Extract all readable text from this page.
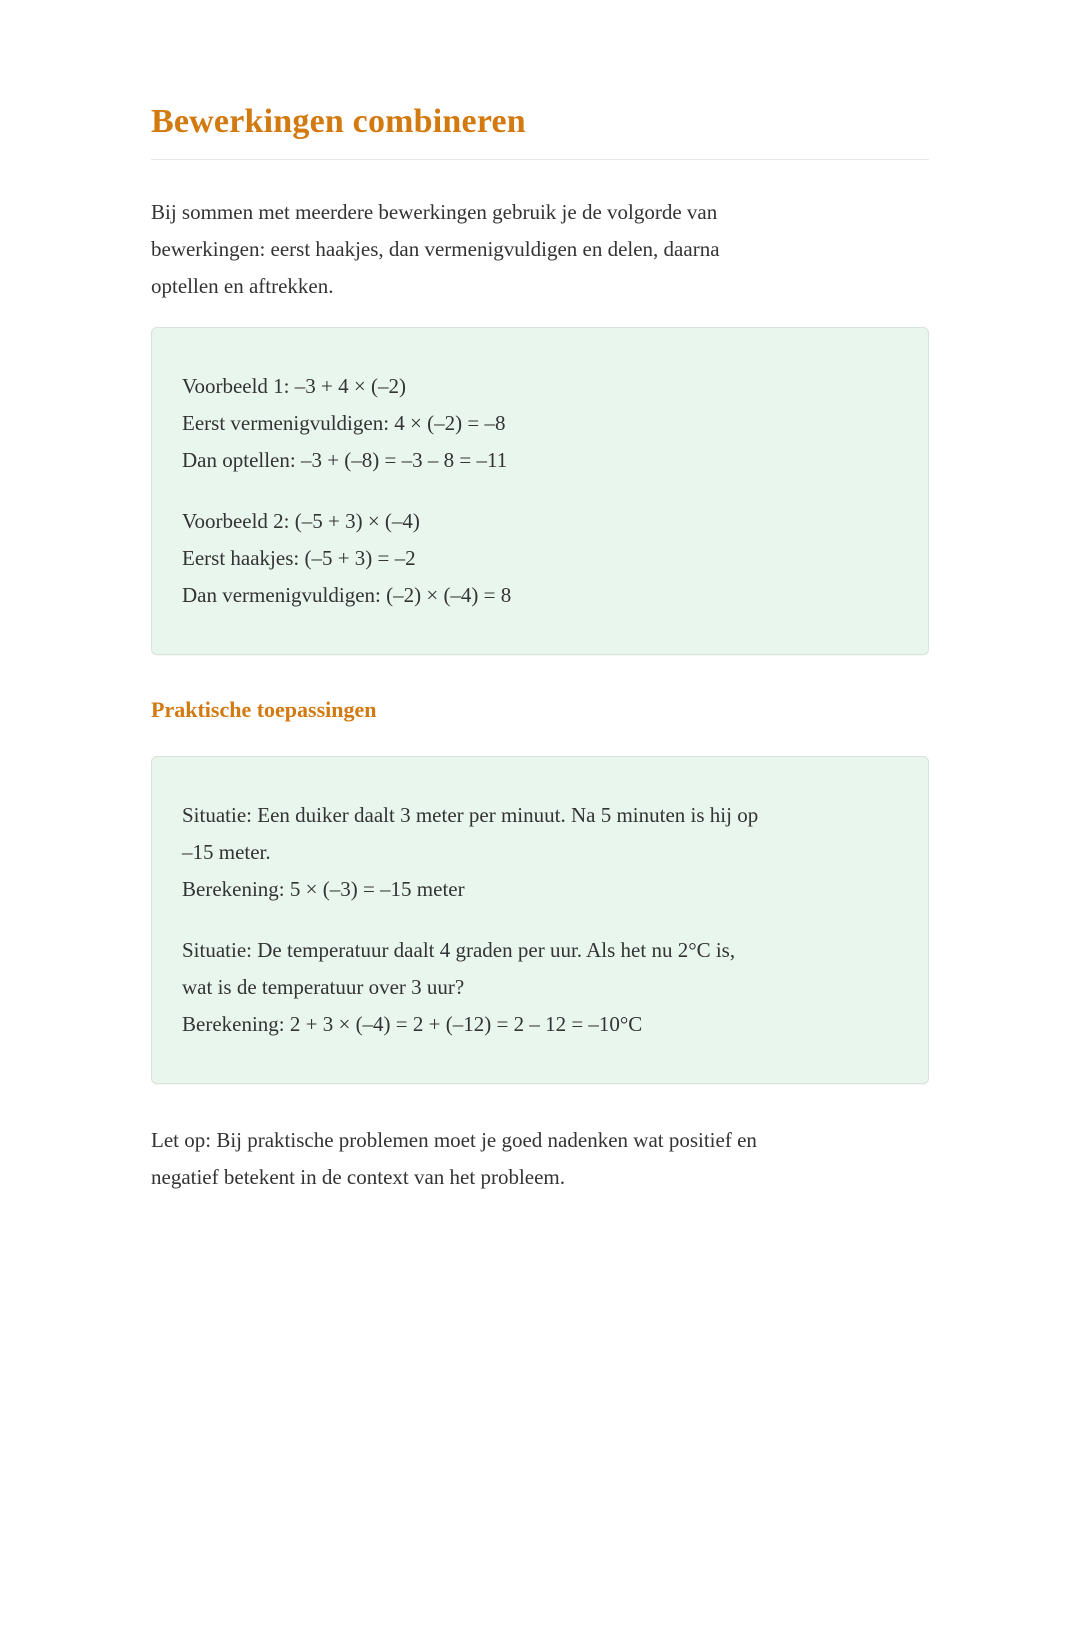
Bewerkingen combineren
Bij sommen met meerdere bewerkingen gebruik je de volgorde van
bewerkingen: eerst haakjes, dan vermenigvuldigen en delen, daarna
optellen en aftrekken.
Voorbeeld 1: –3 + 4 × (–2)
Eerst vermenigvuldigen: 4 × (–2) = –8
Dan optellen: –3 + (–8) = –3 – 8 = –11
Voorbeeld 2: (–5 + 3) × (–4)
Eerst haakjes: (–5 + 3) = –2
Dan vermenigvuldigen: (–2) × (–4) = 8
Praktische toepassingen
Situatie: Een duiker daalt 3 meter per minuut. Na 5 minuten is hij op
–15 meter.
Berekening: 5 × (–3) = –15 meter
Situatie: De temperatuur daalt 4 graden per uur. Als het nu 2°C is,
wat is de temperatuur over 3 uur?
Berekening: 2 + 3 × (–4) = 2 + (–12) = 2 – 12 = –10°C
Let op: Bij praktische problemen moet je goed nadenken wat positief en
negatief betekent in de context van het probleem.
